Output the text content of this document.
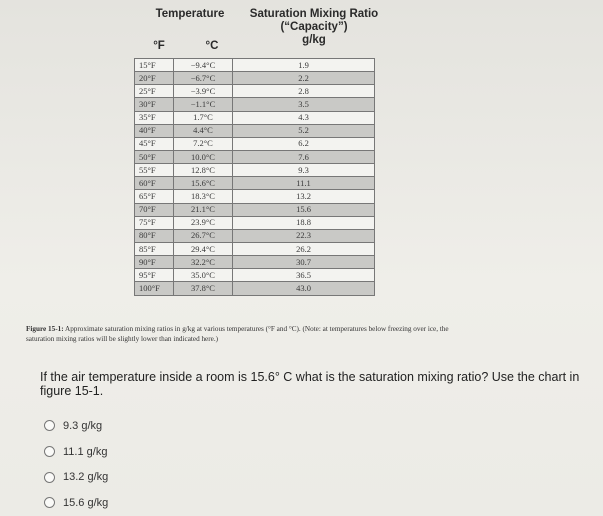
Temperature	Saturation Mixing Ratio
(“Capacity”)
g/kg
°F	°C
15°F	−9.4°C	1.9
20°F	−6.7°C	2.2
25°F	−3.9°C	2.8
30°F	−1.1°C	3.5
35°F	1.7°C	4.3
40°F	4.4°C	5.2
45°F	7.2°C	6.2
50°F	10.0°C	7.6
55°F	12.8°C	9.3
60°F	15.6°C	11.1
65°F	18.3°C	13.2
70°F	21.1°C	15.6
75°F	23.9°C	18.8
80°F	26.7°C	22.3
85°F	29.4°C	26.2
90°F	32.2°C	30.7
95°F	35.0°C	36.5
100°F	37.8°C	43.0
Figure 15-1: Approximate saturation mixing ratios in g/kg at various temperatures (°F and °C). (Note: at temperatures below freezing over ice, the saturation mixing ratios will be slightly lower than indicated here.)
If the air temperature inside a room is 15.6° C what is the saturation mixing ratio? Use the chart in figure 15-1.
9.3 g/kg
11.1 g/kg
13.2 g/kg
15.6 g/kg
